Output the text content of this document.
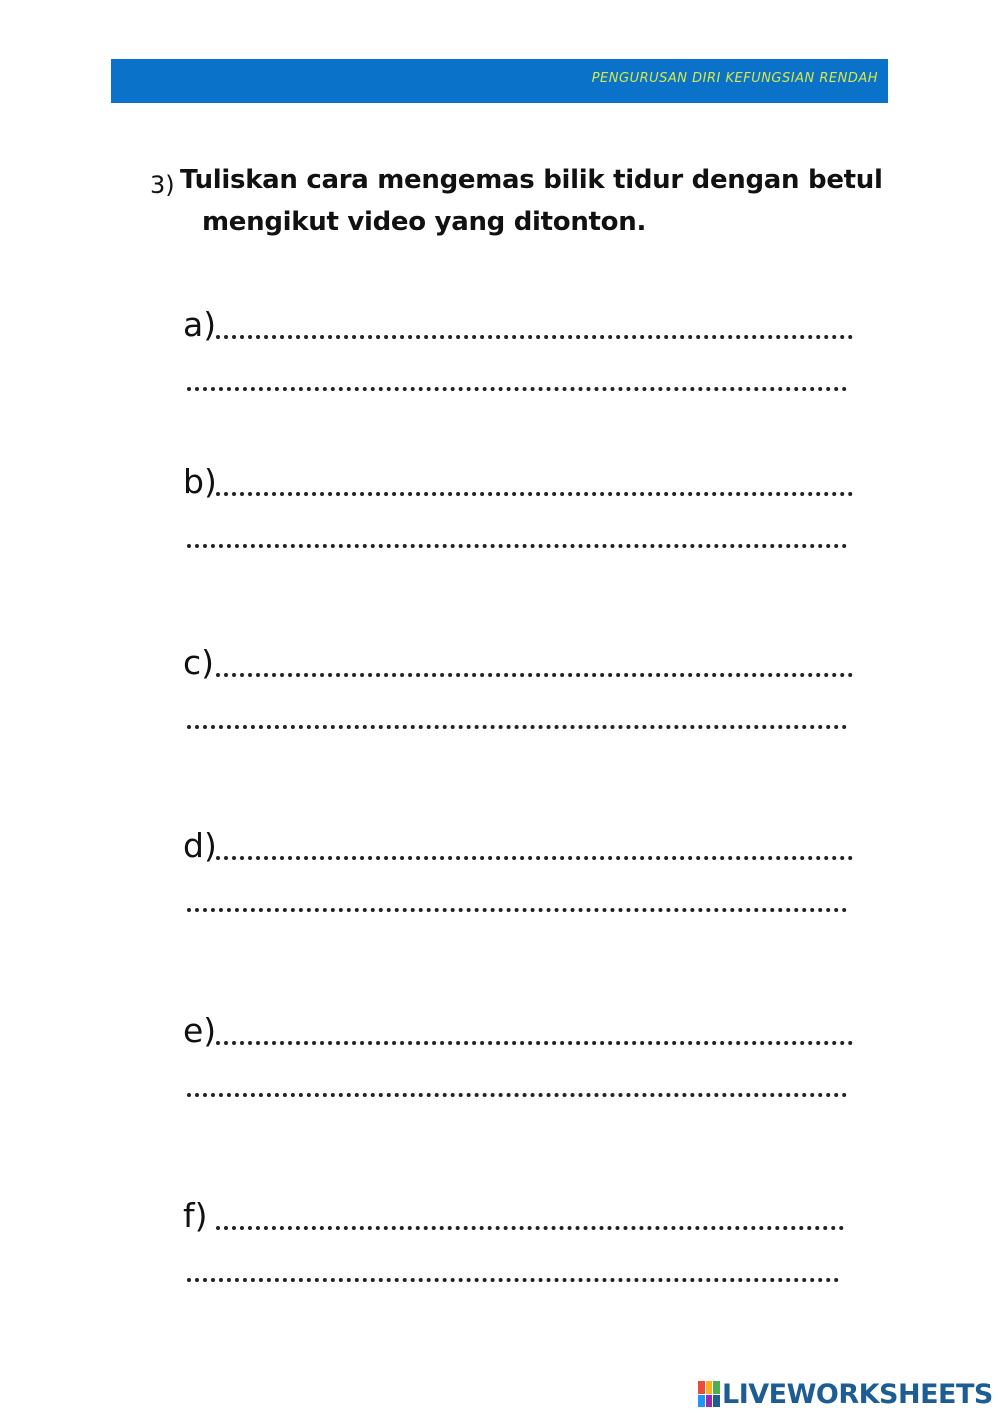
PENGURUSAN DIRI KEFUNGSIAN RENDAH
3) Tuliskan cara mengemas bilik tidur dengan betul
mengikut video yang ditonton.
a)
b)
c)
d)
e)
f)
LIVEWORKSHEETS
